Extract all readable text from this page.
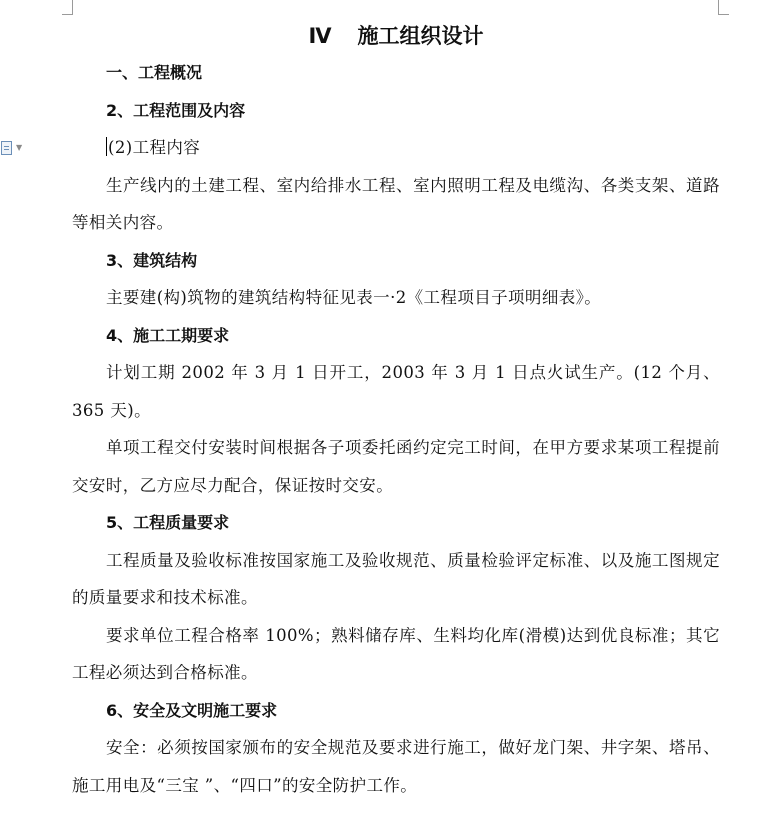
▼
Ⅳ 施工组织设计
一、工程概况
2、工程范围及内容
(2)工程内容
生产线内的土建工程、室内给排水工程、室内照明工程及电缆沟、各类支架、道路等相关内容。
3、建筑结构
主要建(构)筑物的建筑结构特征见表一·2《工程项目子项明细表》。
4、施工工期要求
计划工期 2002 年 3 月 1 日开工，2003 年 3 月 1 日点火试生产。(12 个月、365 天)。
单项工程交付安装时间根据各子项委托函约定完工时间，在甲方要求某项工程提前交安时，乙方应尽力配合，保证按时交安。
5、工程质量要求
工程质量及验收标准按国家施工及验收规范、质量检验评定标准、以及施工图规定的质量要求和技术标准。
要求单位工程合格率 100%；熟料储存库、生料均化库(滑模)达到优良标准；其它工程必须达到合格标准。
6、安全及文明施工要求
安全：必须按国家颁布的安全规范及要求进行施工，做好龙门架、井字架、塔吊、施工用电及“三宝 ”、“四口”的安全防护工作。
